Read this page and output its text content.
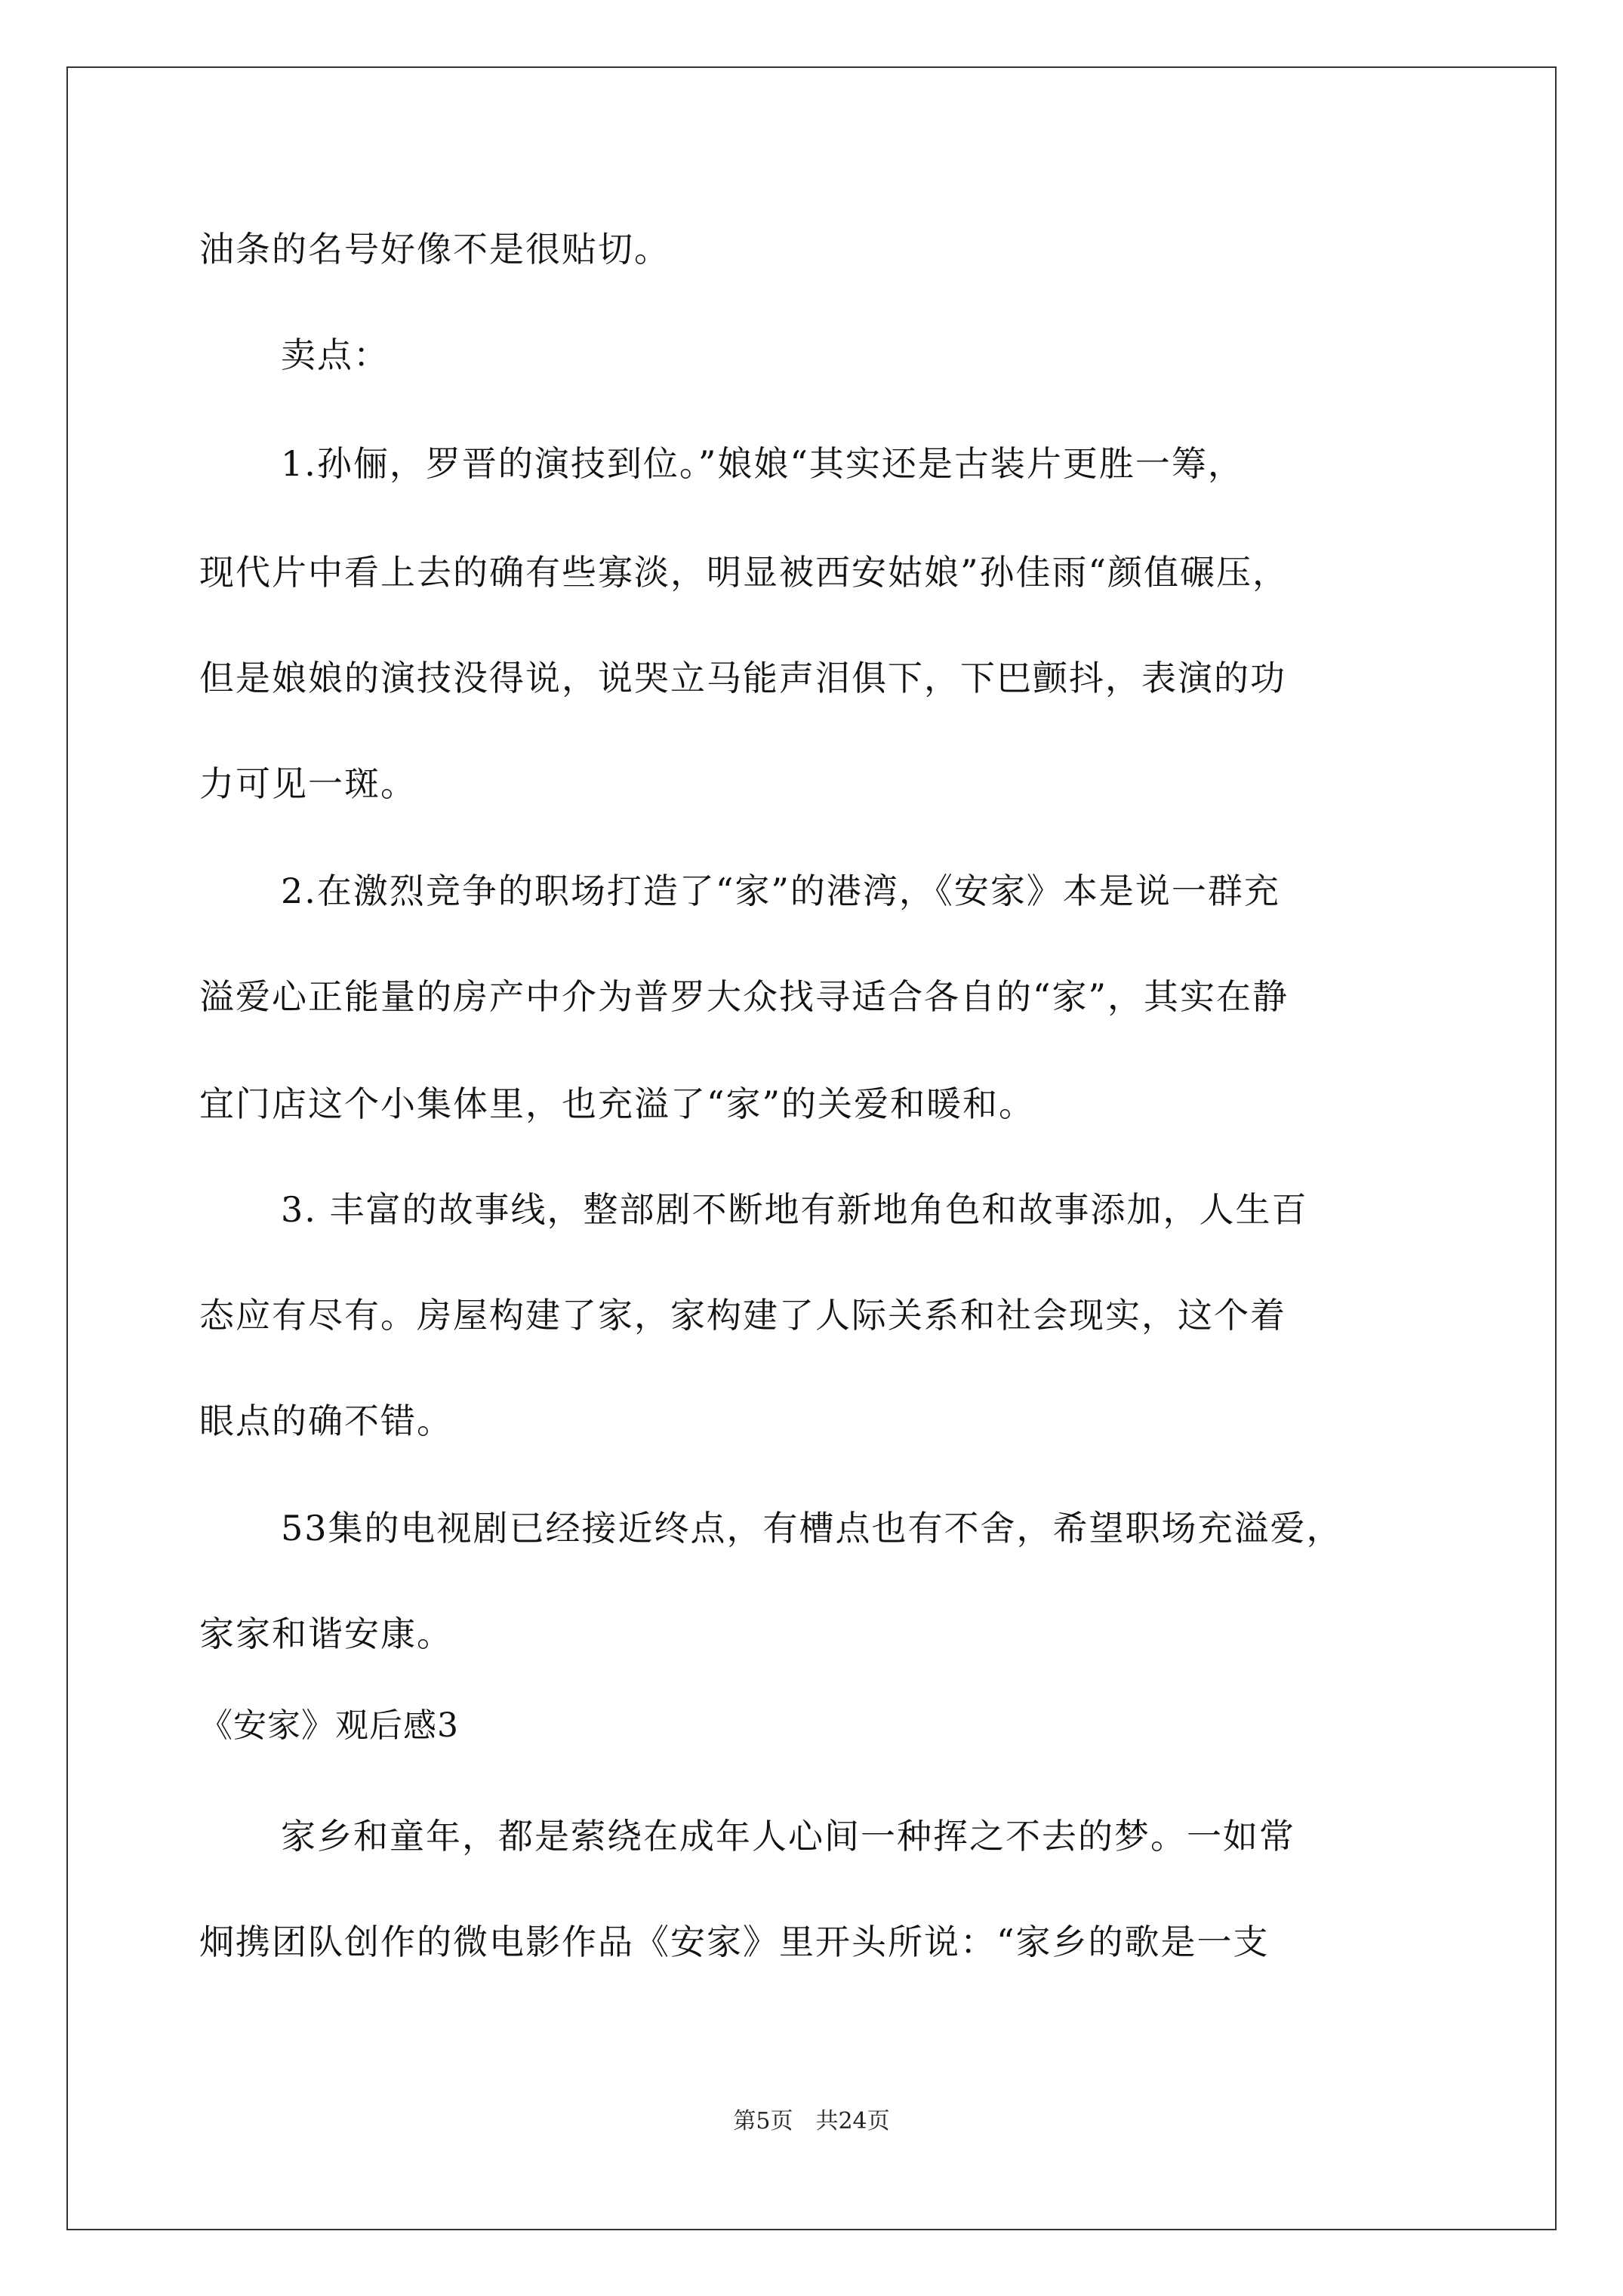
油条的名号好像不是很贴切。
卖点：
1.孙俪，罗晋的演技到位。”娘娘“其实还是古装片更胜一筹，
现代片中看上去的确有些寡淡，明显被西安姑娘”孙佳雨“颜值碾压，
但是娘娘的演技没得说，说哭立马能声泪俱下，下巴颤抖，表演的功
力可见一斑。
2.在激烈竞争的职场打造了“家”的港湾，《安家》本是说一群充
溢爱心正能量的房产中介为普罗大众找寻适合各自的“家”，其实在静
宜门店这个小集体里，也充溢了“家”的关爱和暖和。
3. 丰富的故事线，整部剧不断地有新地角色和故事添加，人生百
态应有尽有。房屋构建了家，家构建了人际关系和社会现实，这个着
眼点的确不错。
53集的电视剧已经接近终点，有槽点也有不舍，希望职场充溢爱，
家家和谐安康。
《安家》观后感3
家乡和童年，都是萦绕在成年人心间一种挥之不去的梦。一如常
炯携团队创作的微电影作品《安家》里开头所说：“家乡的歌是一支
第5页　共24页
